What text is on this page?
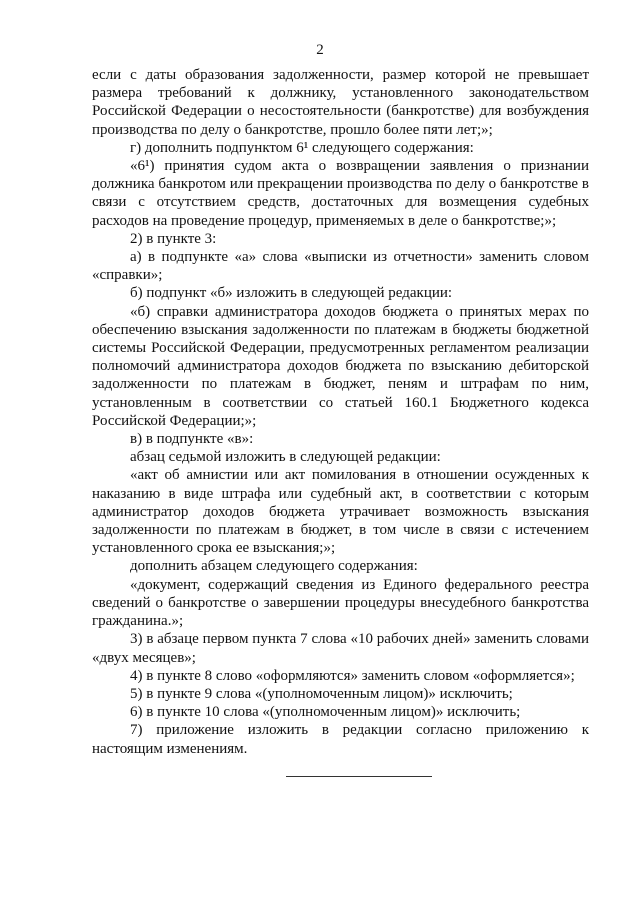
2

если с даты образования задолженности, размер которой не превышает размера требований к должнику, установленного законодательством Российской Федерации о несостоятельности (банкротстве) для возбуждения производства по делу о банкротстве, прошло более пяти лет;»;

г) дополнить подпунктом 6¹ следующего содержания:

«6¹) принятия судом акта о возвращении заявления о признании должника банкротом или прекращении производства по делу о банкротстве в связи с отсутствием средств, достаточных для возмещения судебных расходов на проведение процедур, применяемых в деле о банкротстве;»;

2) в пункте 3:

а) в подпункте «а» слова «выписки из отчетности» заменить словом «справки»;

б) подпункт «б» изложить в следующей редакции:

«б) справки администратора доходов бюджета о принятых мерах по обеспечению взыскания задолженности по платежам в бюджеты бюджетной системы Российской Федерации, предусмотренных регламентом реализации полномочий администратора доходов бюджета по взысканию дебиторской задолженности по платежам в бюджет, пеням и штрафам по ним, установленным в соответствии со статьей 160.1 Бюджетного кодекса Российской Федерации;»;

в) в подпункте «в»:

абзац седьмой изложить в следующей редакции:

«акт об амнистии или акт помилования в отношении осужденных к наказанию в виде штрафа или судебный акт, в соответствии с которым администратор доходов бюджета утрачивает возможность взыскания задолженности по платежам в бюджет, в том числе в связи с истечением установленного срока ее взыскания;»;

дополнить абзацем следующего содержания:

«документ, содержащий сведения из Единого федерального реестра сведений о банкротстве о завершении процедуры внесудебного банкротства гражданина.»;

3) в абзаце первом пункта 7 слова «10 рабочих дней» заменить словами «двух месяцев»;

4) в пункте 8 слово «оформляются» заменить словом «оформляется»;

5) в пункте 9 слова «(уполномоченным лицом)» исключить;

6) в пункте 10 слова «(уполномоченным лицом)» исключить;

7) приложение изложить в редакции согласно приложению к настоящим изменениям.
